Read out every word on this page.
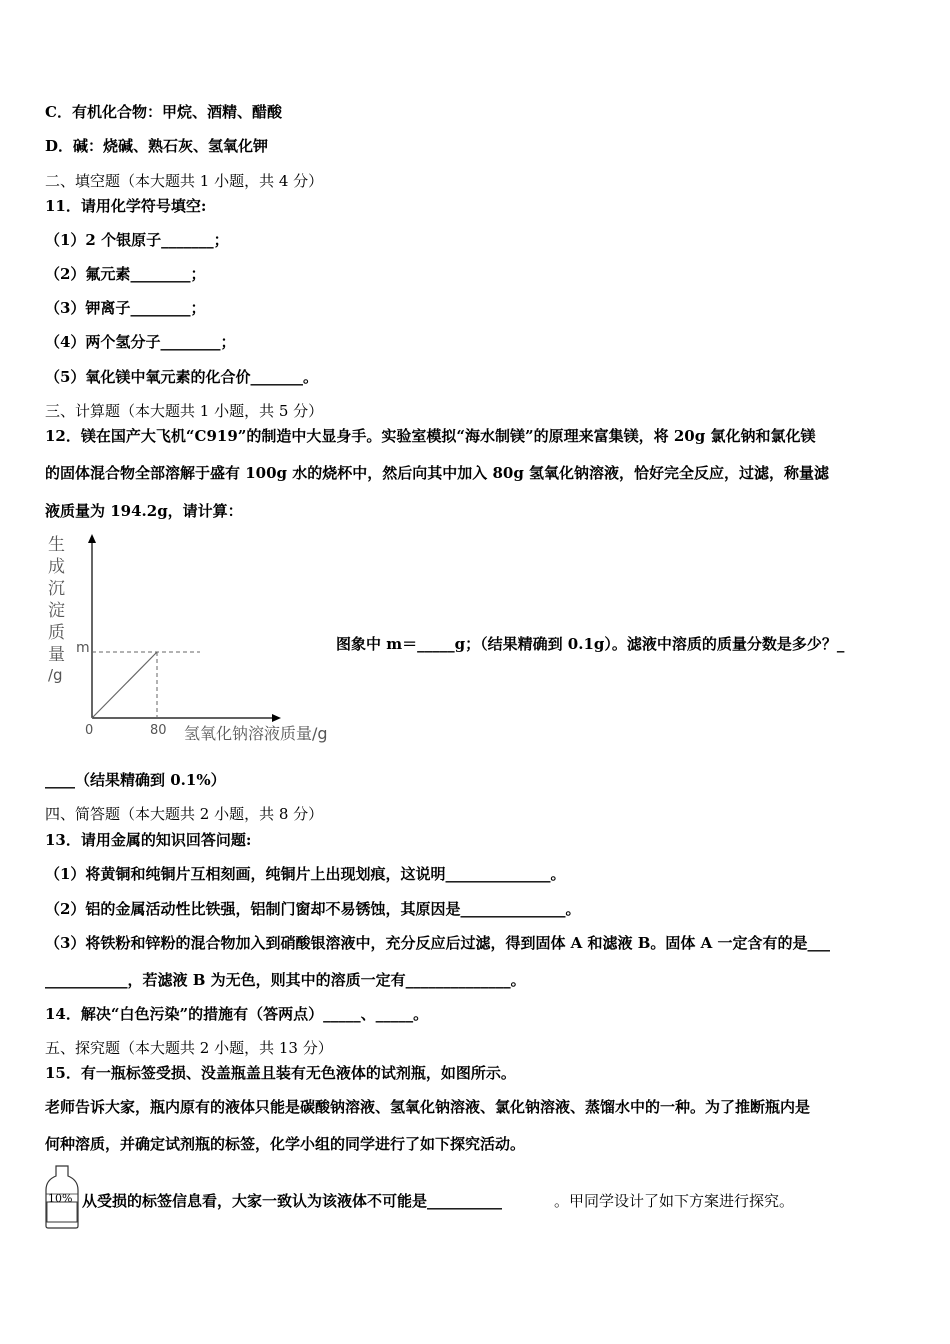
C．有机化合物：甲烷、酒精、醋酸
D．碱：烧碱、熟石灰、氢氧化钾
二、填空题（本大题共 1 小题，共 4 分）
11．请用化学符号填空:
（1）2 个银原子_______；
（2）氟元素________；
（3）钾离子________；
（4）两个氢分子________；
（5）氧化镁中氧元素的化合价_______。
三、计算题（本大题共 1 小题，共 5 分）
12．镁在国产大飞机“C919”的制造中大显身手。实验室模拟“海水制镁”的原理来富集镁，将 20g 氯化钠和氯化镁
的固体混合物全部溶解于盛有 100g 水的烧杯中，然后向其中加入 80g 氢氧化钠溶液，恰好完全反应，过滤，称量滤
液质量为 194.2g，请计算：
生
成
沉
淀
质
量
/g
m
0	80 氢氧化钠溶液质量/g
图象中 m＝_____g；（结果精确到 0.1g）。滤液中溶质的质量分数是多少？_
____（结果精确到 0.1%）
四、简答题（本大题共 2 小题，共 8 分）
13．请用金属的知识回答问题:
（1）将黄铜和纯铜片互相刻画，纯铜片上出现划痕，这说明______________。
（2）铝的金属活动性比铁强，铝制门窗却不易锈蚀，其原因是______________。
（3）将铁粉和锌粉的混合物加入到硝酸银溶液中，充分反应后过滤，得到固体 A 和滤液 B。固体 A 一定含有的是___
___________，若滤液 B 为无色，则其中的溶质一定有______________。
14．解决“白色污染”的措施有（答两点）_____、_____。
五、探究题（本大题共 2 小题，共 13 分）
15．有一瓶标签受损、没盖瓶盖且装有无色液体的试剂瓶，如图所示。
老师告诉大家，瓶内原有的液体只能是碳酸钠溶液、氢氧化钠溶液、氯化钠溶液、蒸馏水中的一种。为了推断瓶内是
何种溶质，并确定试剂瓶的标签，化学小组的同学进行了如下探究活动。
10% 从受损的标签信息看，大家一致认为该液体不可能是__________	。甲同学设计了如下方案进行探究。
